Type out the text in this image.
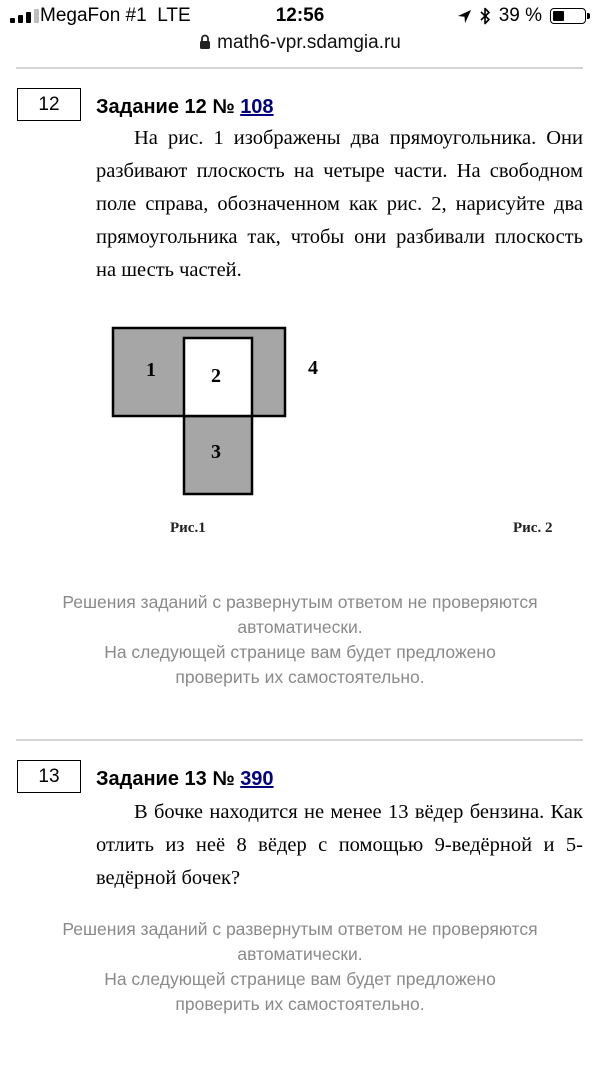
MegaFon #1 LTE	12:56	39 %
math6-vpr.sdamgia.ru
12	Задание 12 № 108

На рис. 1 изображены два прямоугольника. Они разбивают плоскость на четыре части. На свободном поле справа, обозначенном как рис. 2, нарисуйте два прямоугольника так, чтобы они разбивали плоскость на шесть частей.

1	2
3
4
Рис.1	Рис. 2
Решения заданий с развернутым ответом не проверяются автоматически.
На следующей странице вам будет предложено проверить их самостоятельно.
13	Задание 13 № 390

В бочке находится не менее 13 вёдер бензина. Как отлить из неё 8 вёдер с помощью 9-ведёрной и 5-ведёрной бочек?

Решения заданий с развернутым ответом не проверяются автоматически.
На следующей странице вам будет предложено проверить их самостоятельно.
